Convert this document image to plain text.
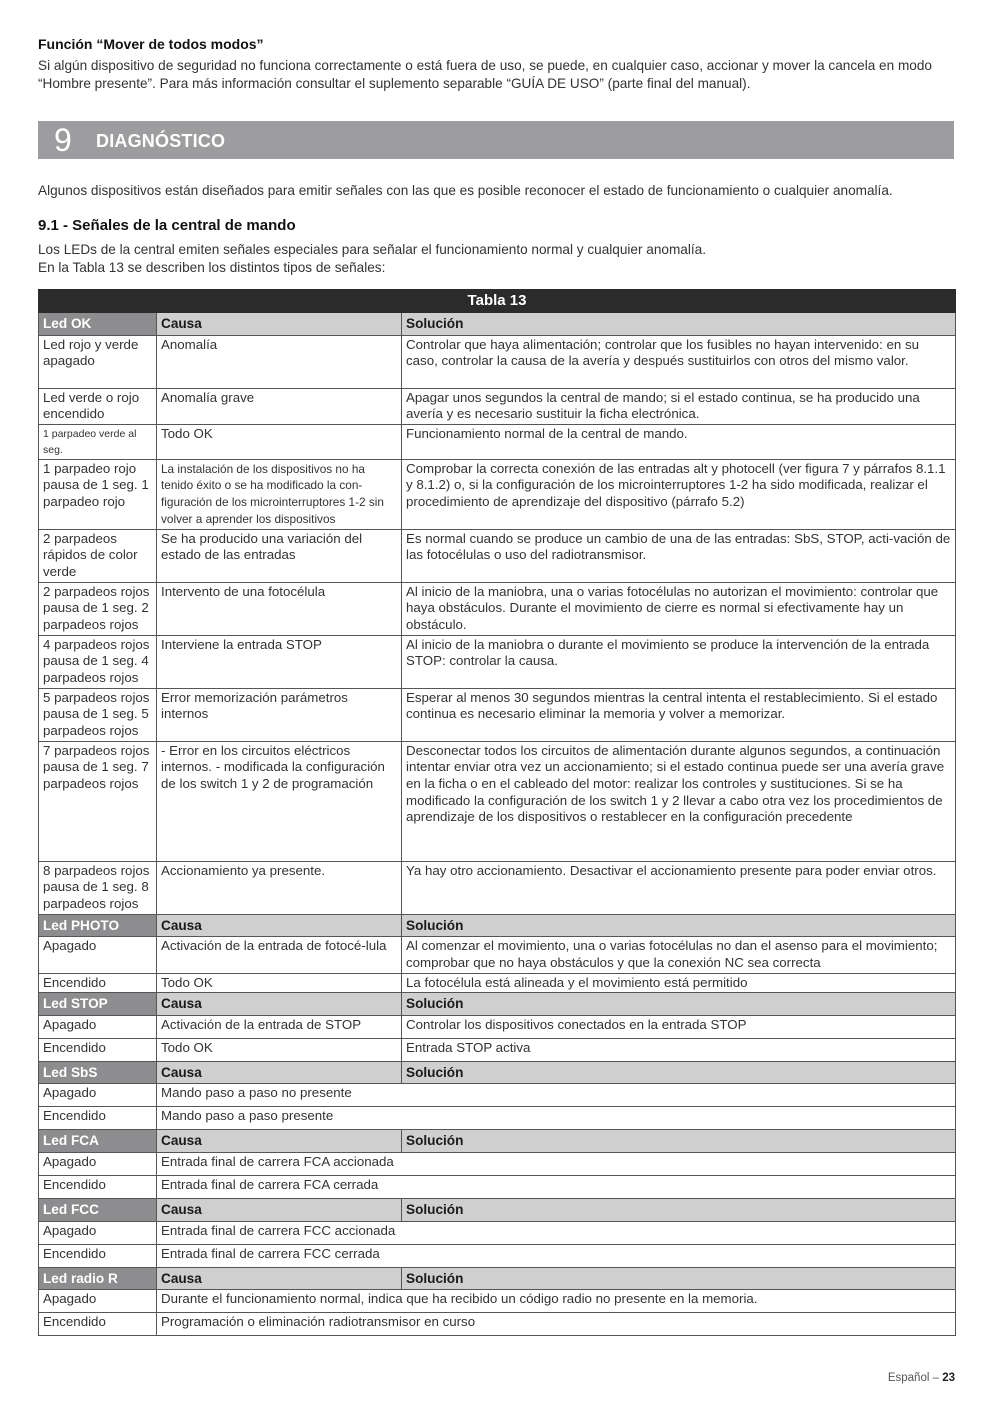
Función “Mover de todos modos”
Si algún dispositivo de seguridad no funciona correctamente o está fuera de uso, se puede, en cualquier caso, accionar y mover la cancela en modo “Hombre presente”. Para más información consultar el suplemento separable “GUÍA DE USO” (parte final del manual).
9 DIAGNÓSTICO
Algunos dispositivos están diseñados para emitir señales con las que es posible reconocer el estado de funcionamiento o cualquier anomalía.
9.1 - Señales de la central de mando
Los LEDs de la central emiten señales especiales para señalar el funcionamiento normal y cualquier anomalía.
En la Tabla 13 se describen los distintos tipos de señales:
Tabla 13		
Led OK	Causa	Solución
Led rojo y verde apagado	Anomalía	Controlar que haya alimentación; controlar que los fusibles no hayan intervenido: en su caso, controlar la causa de la avería y después sustituirlos con otros del mismo valor.
Led verde o rojo encendido	Anomalía grave	Apagar unos segundos la central de mando; si el estado continua, se ha producido una avería y es necesario sustituir la ficha electrónica.
1 parpadeo verde al seg.	Todo OK	Funcionamiento normal de la central de mando.
1 parpadeo rojo pausa de 1 seg. 1 parpadeo rojo	La instalación de los dispositivos no ha tenido éxito o se ha modificado la con-figuración de los microinterruptores 1-2 sin volver a aprender los dispositivos	Comprobar la correcta conexión de las entradas alt y photocell (ver figura 7 y párrafos 8.1.1 y 8.1.2) o, si la configuración de los microinterruptores 1-2 ha sido modificada, realizar el procedimiento de aprendizaje del dispositivo (párrafo 5.2)
2 parpadeos rápidos de color verde	Se ha producido una variación del estado de las entradas	Es normal cuando se produce un cambio de una de las entradas: SbS, STOP, acti-vación de las fotocélulas o uso del radiotransmisor.
2 parpadeos rojos pausa de 1 seg. 2 parpadeos rojos	Intervento de una fotocélula	Al inicio de la maniobra, una o varias fotocélulas no autorizan el movimiento: controlar que haya obstáculos. Durante el movimiento de cierre es normal si efectivamente hay un obstáculo.
4 parpadeos rojos pausa de 1 seg. 4 parpadeos rojos	Interviene la entrada STOP	Al inicio de la maniobra o durante el movimiento se produce la intervención de la entrada STOP: controlar la causa.
5 parpadeos rojos pausa de 1 seg. 5 parpadeos rojos	Error memorización parámetros internos	Esperar al menos 30 segundos mientras la central intenta el restablecimiento. Si el estado continua es necesario eliminar la memoria y volver a memorizar.
7 parpadeos rojos pausa de 1 seg. 7 parpadeos rojos	- Error en los circuitos eléctricos internos. - modificada la configuración de los switch 1 y 2 de programación	Desconectar todos los circuitos de alimentación durante algunos segundos, a continuación intentar enviar otra vez un accionamiento; si el estado continua puede ser una avería grave en la ficha o en el cableado del motor: realizar los controles y sustituciones. Si se ha modificado la configuración de los switch 1 y 2 llevar a cabo otra vez los procedimientos de aprendizaje de los dispositivos o restablecer en la configuración precedente
8 parpadeos rojos pausa de 1 seg. 8 parpadeos rojos	Accionamiento ya presente.	Ya hay otro accionamiento. Desactivar el accionamiento presente para poder enviar otros.
Led PHOTO	Causa	Solución
Apagado	Activación de la entrada de fotocé-lula	Al comenzar el movimiento, una o varias fotocélulas no dan el asenso para el movimiento; comprobar que no haya obstáculos y que la conexión NC sea correcta
Encendido	Todo OK	La fotocélula está alineada y el movimiento está permitido
Led STOP	Causa	Solución
Apagado	Activación de la entrada de STOP	Controlar los dispositivos conectados en la entrada STOP
Encendido	Todo OK	Entrada STOP activa
Led SbS	Causa	Solución
Apagado	Mando paso a paso no presente	
Encendido	Mando paso a paso presente	
Led FCA	Causa	Solución
Apagado	Entrada final de carrera FCA accionada	
Encendido	Entrada final de carrera FCA cerrada	
Led FCC	Causa	Solución
Apagado	Entrada final de carrera FCC accionada	
Encendido	Entrada final de carrera FCC cerrada	
Led radio R	Causa	Solución
Apagado	Durante el funcionamiento normal, indica que ha recibido un código radio no presente en la memoria.	
Encendido	Programación o eliminación radiotransmisor en curso	
Español – 23
